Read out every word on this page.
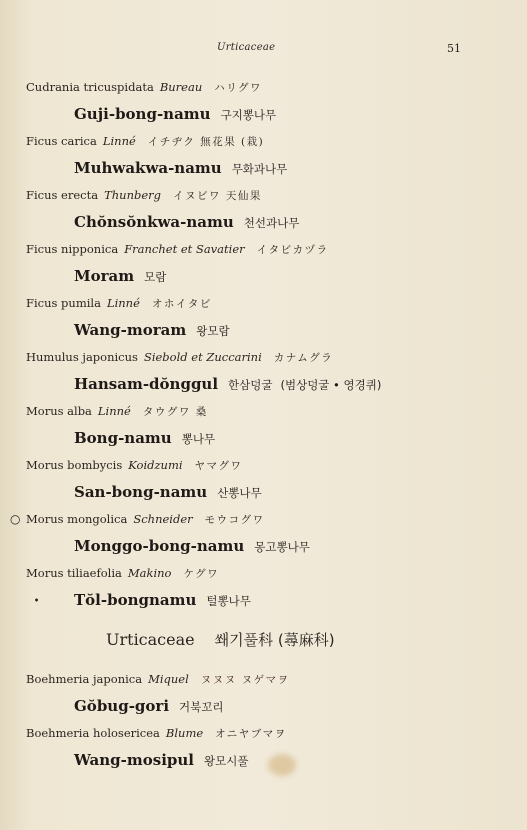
Urticaceae	51
Cudrania tricuspidata Bureau ハリグワ
Guji-bong-namu 구지뽕나무
Ficus carica Linné イチヂク 無花果 (栽)
Muhwakwa-namu 무화과나무
Ficus erecta Thunberg イヌビワ 天仙果
Chŏnsŏnkwa-namu 천선과나무
Ficus nipponica Franchet et Savatier イタビカヅラ
Moram 모람
Ficus pumila Linné オホイタビ
Wang-moram 왕모람
Humulus japonicus Siebold et Zuccarini カナムグラ
Hansam-dŏnggul 한삼덩굴 (범상덩굴 • 영경퀴)
Morus alba Linné タウグワ 桑
Bong-namu 뽕나무
Morus bombycis Koidzumi ヤマグワ
San-bong-namu 산뽕나무
○ Morus mongolica Schneider モウコグワ
Monggo-bong-namu 몽고뽕나무
Morus tiliaefolia Makino ケグワ
• Tŏl-bongnamu 털뽕나무
Urticaceae 쐐기풀科 (蕁麻科)
Boehmeria japonica Miquel ヌヌヌ ヌゲマヲ
Gŏbug-gori 거북꼬리
Boehmeria holosericea Blume オニヤブマヲ
Wang-mosipul 왕모시풀
